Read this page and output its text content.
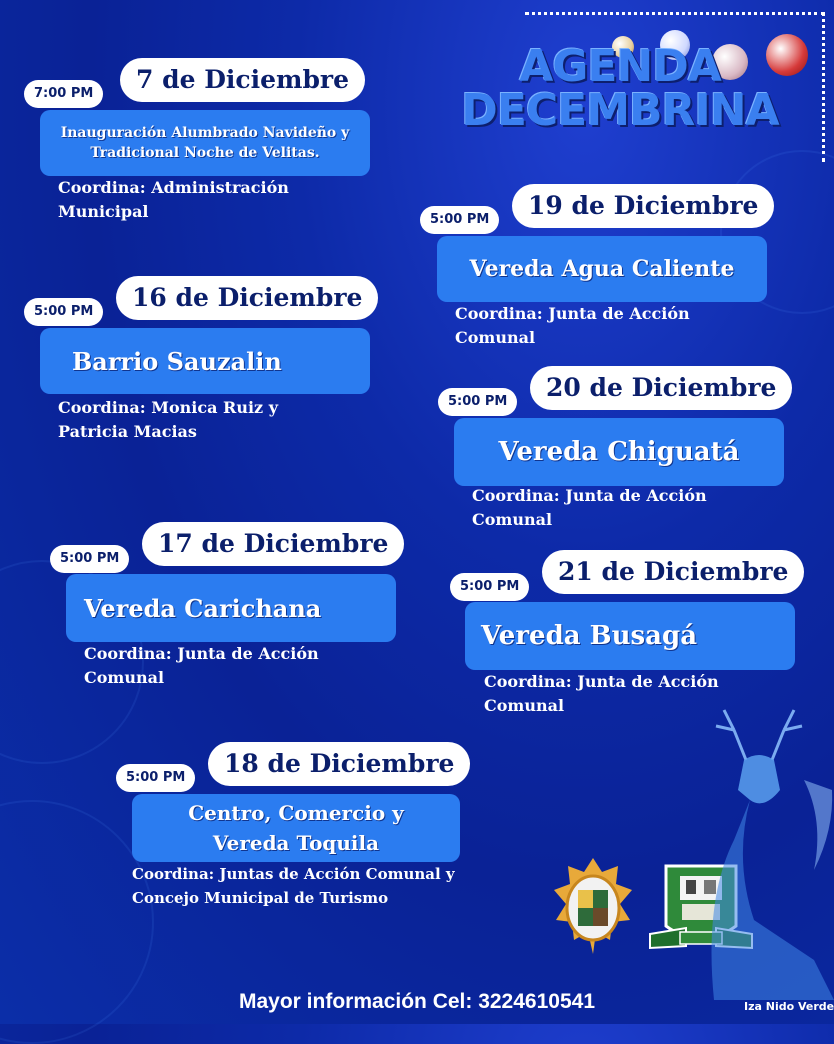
AGENDA
DECEMBRINA
7 de Diciembre
7:00 PM
Inauguración Alumbrado Navideño y Tradicional Noche de Velitas.
Coordina: Administración Municipal
16 de Diciembre
5:00 PM
Barrio Sauzalin
Coordina: Monica Ruiz y Patricia Macias
17 de Diciembre
5:00 PM
Vereda Carichana
Coordina: Junta de Acción Comunal
18 de Diciembre
5:00 PM
Centro, Comercio y Vereda Toquila
Coordina: Juntas de Acción Comunal y Concejo Municipal de Turismo
19 de Diciembre
5:00 PM
Vereda Agua Caliente
Coordina: Junta de Acción Comunal
20 de Diciembre
5:00 PM
Vereda Chiguatá
Coordina: Junta de Acción Comunal
21 de Diciembre
5:00 PM
Vereda Busagá
Coordina: Junta de Acción Comunal
Mayor información Cel: 3224610541	Iza Nido Verde
